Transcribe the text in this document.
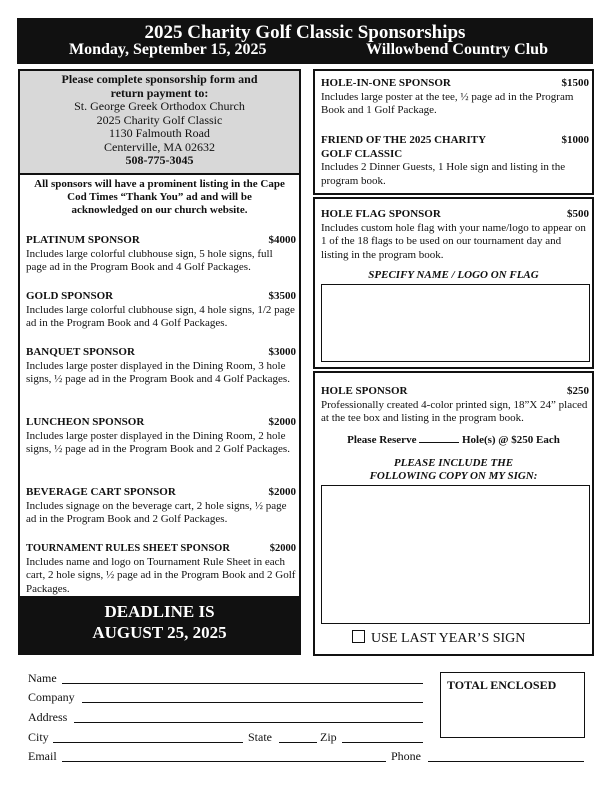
2025 Charity Golf Classic Sponsorships
Monday, September 15, 2025	Willowbend Country Club
Please complete sponsorship form and
return payment to:
St. George Greek Orthodox Church
2025 Charity Golf Classic
1130 Falmouth Road
Centerville, MA 02632
508-775-3045
All sponsors will have a prominent listing in the Cape Cod Times “Thank You” ad and will be acknowledged on our church website.
PLATINUM SPONSOR	$4000
Includes large colorful clubhouse sign, 5 hole signs, full page ad in the Program Book and 4 Golf Packages.
GOLD SPONSOR	$3500
Includes large colorful clubhouse sign, 4 hole signs, 1/2 page ad in the Program Book and 4 Golf Packages.
BANQUET SPONSOR	$3000
Includes large poster displayed in the Dining Room, 3 hole signs, ½ page ad in the Program Book and 4 Golf Packages.
LUNCHEON SPONSOR	$2000
Includes large poster displayed in the Dining Room, 2 hole signs, ½ page ad in the Program Book and 2 Golf Packages.
BEVERAGE CART SPONSOR	$2000
Includes signage on the beverage cart, 2 hole signs, ½ page ad in the Program Book and 2 Golf Packages.
TOURNAMENT RULES SHEET SPONSOR	$2000
Includes name and logo on Tournament Rule Sheet in each cart, 2 hole signs, ½ page ad in the Program Book and 2 Golf Packages.
DEADLINE IS
AUGUST 25, 2025
HOLE-IN-ONE SPONSOR	$1500
Includes large poster at the tee, ½ page ad in the Program Book and 1 Golf Package.
FRIEND OF THE 2025 CHARITY	$1000
GOLF CLASSIC
Includes 2 Dinner Guests, 1 Hole sign and listing in the program book.
HOLE FLAG SPONSOR	$500
Includes custom hole flag with your name/logo to appear on 1 of the 18 flags to be used on our tournament day and listing in the program book.
SPECIFY NAME / LOGO ON FLAG
HOLE SPONSOR	$250
Professionally created 4-color printed sign, 18”X 24” placed at the tee box and listing in the program book.
Please Reserve	Hole(s) @ $250 Each
PLEASE INCLUDE THE
FOLLOWING COPY ON MY SIGN:
USE LAST YEAR’S SIGN
Name
Company
Address
City	State	Zip
Email	Phone
TOTAL ENCLOSED
